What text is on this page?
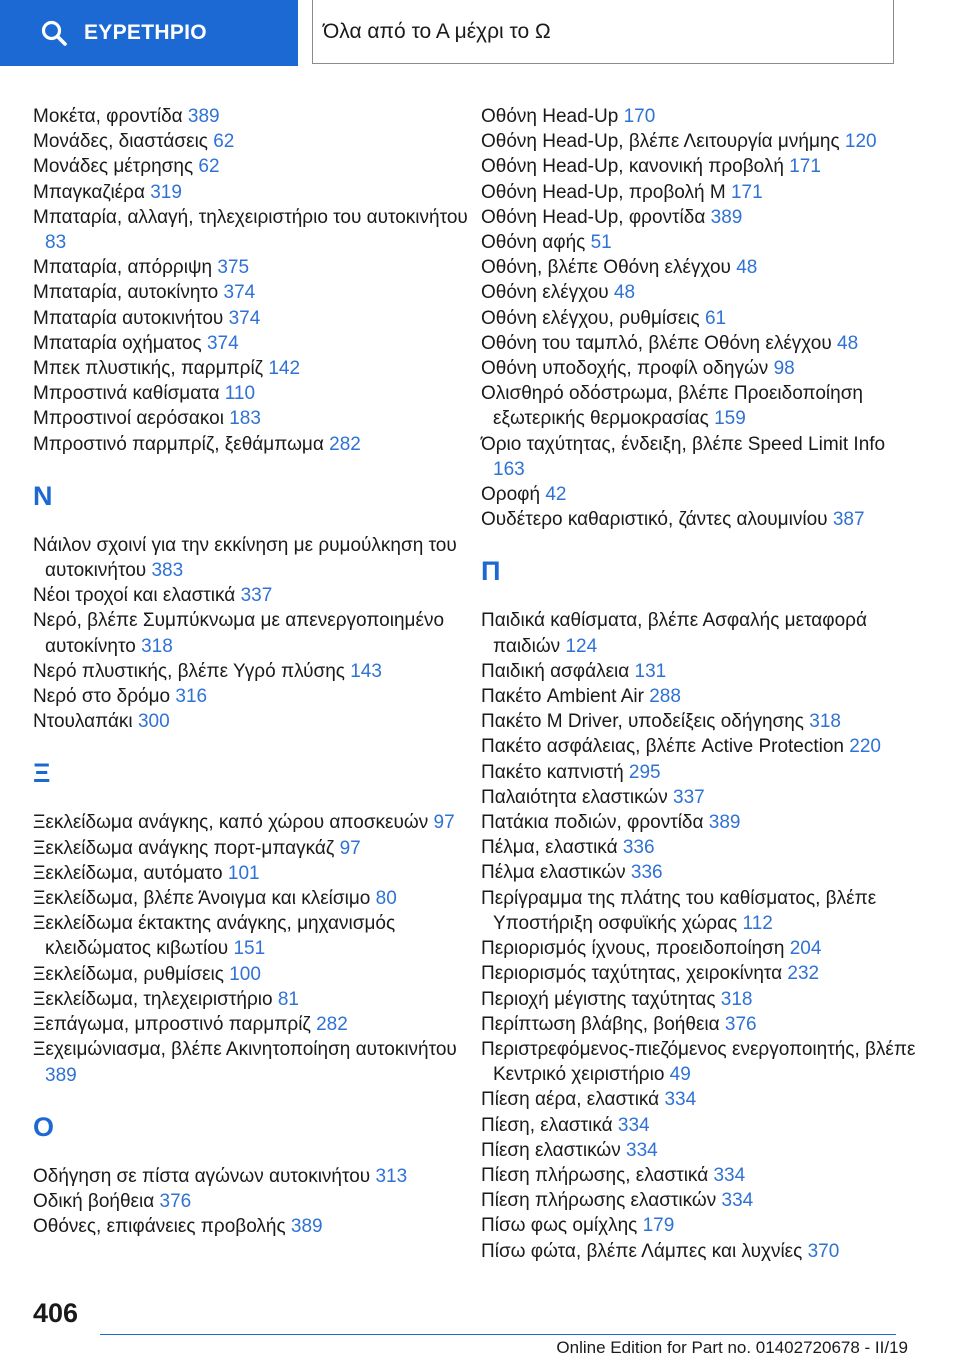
ΕΥΡΕΤΗΡΙΟ	Όλα από το Α μέχρι το Ω

Μοκέτα, φροντίδα 389

Μονάδες, διαστάσεις 62

Μονάδες μέτρησης 62

Μπαγκαζιέρα 319

Μπαταρία, αλλαγή, τηλεχειριστήριο του αυτοκινήτου 83

Μπαταρία, απόρριψη 375

Μπαταρία, αυτοκίνητο 374

Μπαταρία αυτοκινήτου 374

Μπαταρία οχήματος 374

Μπεκ πλυστικής, παρμπρίζ 142

Μπροστινά καθίσματα 110

Μπροστινοί αερόσακοι 183

Μπροστινό παρμπρίζ, ξεθάμπωμα 282

Ν

Νάιλον σχοινί για την εκκίνηση με ρυμούλκηση του αυτοκινήτου 383

Νέοι τροχοί και ελαστικά 337

Νερό, βλέπε Συμπύκνωμα με απενεργοποιημένο αυτοκίνητο 318

Νερό πλυστικής, βλέπε Υγρό πλύσης 143

Νερό στο δρόμο 316

Ντουλαπάκι 300

Ξ

Ξεκλείδωμα ανάγκης, καπό χώρου αποσκευών 97

Ξεκλείδωμα ανάγκης πορτ-μπαγκάζ 97

Ξεκλείδωμα, αυτόματο 101

Ξεκλείδωμα, βλέπε Άνοιγμα και κλείσιμο 80

Ξεκλείδωμα έκτακτης ανάγκης, μηχανισμός κλειδώματος κιβωτίου 151

Ξεκλείδωμα, ρυθμίσεις 100

Ξεκλείδωμα, τηλεχειριστήριο 81

Ξεπάγωμα, μπροστινό παρμπρίζ 282

Ξεχειμώνιασμα, βλέπε Ακινητοποίηση αυτοκινήτου 389

Ο

Οδήγηση σε πίστα αγώνων αυτοκινήτου 313

Οδική βοήθεια 376

Οθόνες, επιφάνειες προβολής 389

Οθόνη Head-Up 170

Οθόνη Head-Up, βλέπε Λειτουργία μνήμης 120

Οθόνη Head-Up, κανονική προβολή 171

Οθόνη Head-Up, προβολή M 171

Οθόνη Head-Up, φροντίδα 389

Οθόνη αφής 51

Οθόνη, βλέπε Οθόνη ελέγχου 48

Οθόνη ελέγχου 48

Οθόνη ελέγχου, ρυθμίσεις 61

Οθόνη του ταμπλό, βλέπε Οθόνη ελέγχου 48

Οθόνη υποδοχής, προφίλ οδηγών 98

Ολισθηρό οδόστρωμα, βλέπε Προειδοποίηση εξωτερικής θερμοκρασίας 159

Όριο ταχύτητας, ένδειξη, βλέπε Speed Limit Info 163

Οροφή 42

Ουδέτερο καθαριστικό, ζάντες αλουμινίου 387

Π

Παιδικά καθίσματα, βλέπε Ασφαλής μεταφορά παιδιών 124

Παιδική ασφάλεια 131

Πακέτο Ambient Air 288

Πακέτο M Driver, υποδείξεις οδήγησης 318

Πακέτο ασφάλειας, βλέπε Active Protection 220

Πακέτο καπνιστή 295

Παλαιότητα ελαστικών 337

Πατάκια ποδιών, φροντίδα 389

Πέλμα, ελαστικά 336

Πέλμα ελαστικών 336

Περίγραμμα της πλάτης του καθίσματος, βλέπε Υποστήριξη οσφυϊκής χώρας 112

Περιορισμός ίχνους, προειδοποίηση 204

Περιορισμός ταχύτητας, χειροκίνητα 232

Περιοχή μέγιστης ταχύτητας 318

Περίπτωση βλάβης, βοήθεια 376

Περιστρεφόμενος-πιεζόμενος ενεργοποιητής, βλέπε Κεντρικό χειριστήριο 49

Πίεση αέρα, ελαστικά 334

Πίεση, ελαστικά 334

Πίεση ελαστικών 334

Πίεση πλήρωσης, ελαστικά 334

Πίεση πλήρωσης ελαστικών 334

Πίσω φως ομίχλης 179

Πίσω φώτα, βλέπε Λάμπες και λυχνίες 370

406
Online Edition for Part no. 01402720678 - II/19
